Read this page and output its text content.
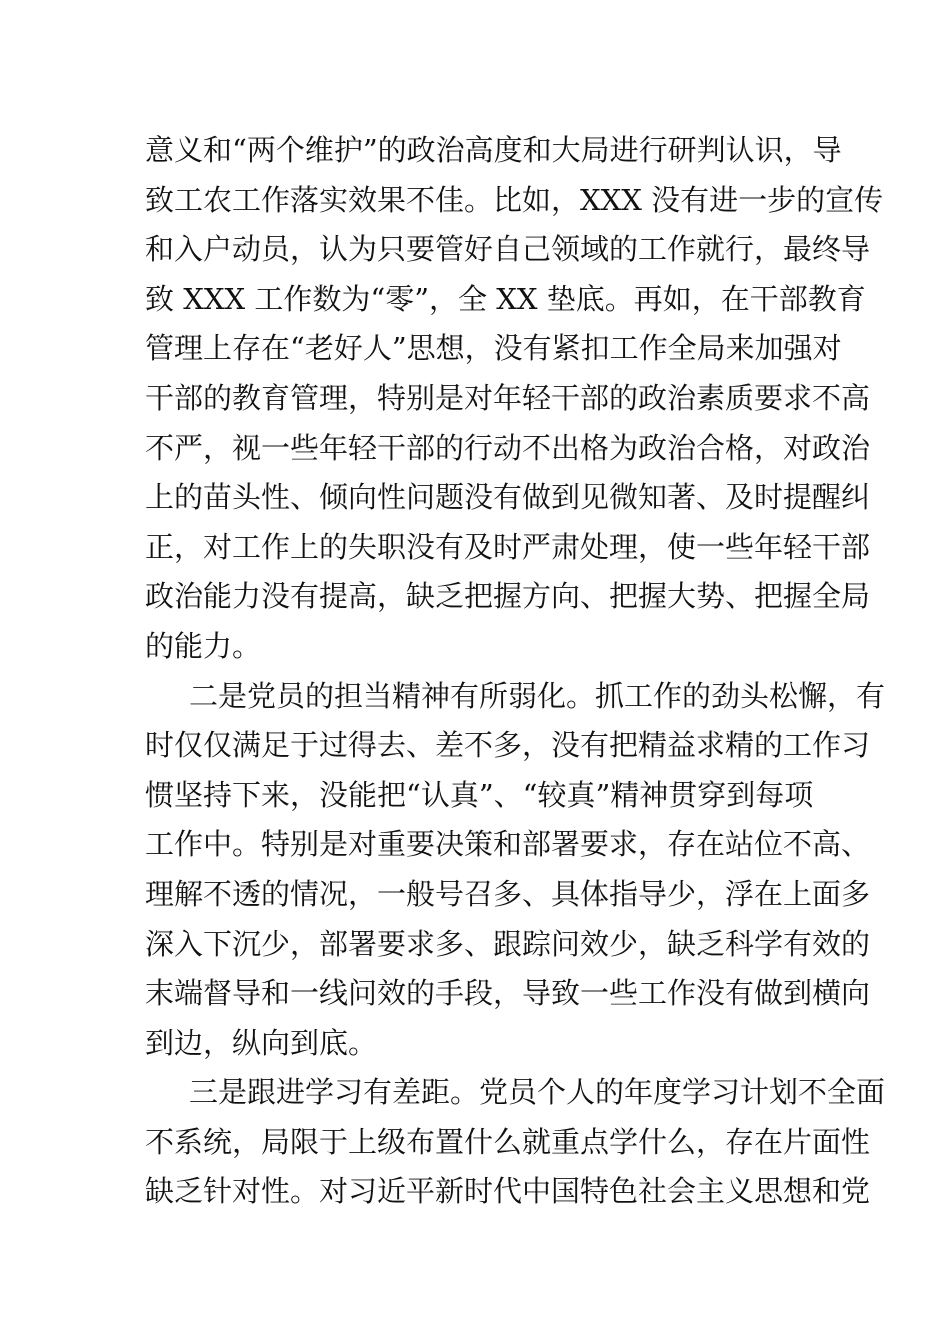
意义和“两个维护”的政治高度和大局进行研判认识，导
致工农工作落实效果不佳。比如，XXX 没有进一步的宣传
和入户动员，认为只要管好自己领域的工作就行，最终导
致 XXX 工作数为“零”，全 XX 垫底。再如，在干部教育
管理上存在“老好人”思想，没有紧扣工作全局来加强对
干部的教育管理，特别是对年轻干部的政治素质要求不高
不严，视一些年轻干部的行动不出格为政治合格，对政治
上的苗头性、倾向性问题没有做到见微知著、及时提醒纠
正，对工作上的失职没有及时严肃处理，使一些年轻干部
政治能力没有提高，缺乏把握方向、把握大势、把握全局
的能力。
二是党员的担当精神有所弱化。抓工作的劲头松懈，有
时仅仅满足于过得去、差不多，没有把精益求精的工作习
惯坚持下来，没能把“认真”、“较真”精神贯穿到每项
工作中。特别是对重要决策和部署要求，存在站位不高、
理解不透的情况，一般号召多、具体指导少，浮在上面多
深入下沉少，部署要求多、跟踪问效少，缺乏科学有效的
末端督导和一线问效的手段，导致一些工作没有做到横向
到边，纵向到底。
三是跟进学习有差距。党员个人的年度学习计划不全面
不系统，局限于上级布置什么就重点学什么，存在片面性
缺乏针对性。对习近平新时代中国特色社会主义思想和党
